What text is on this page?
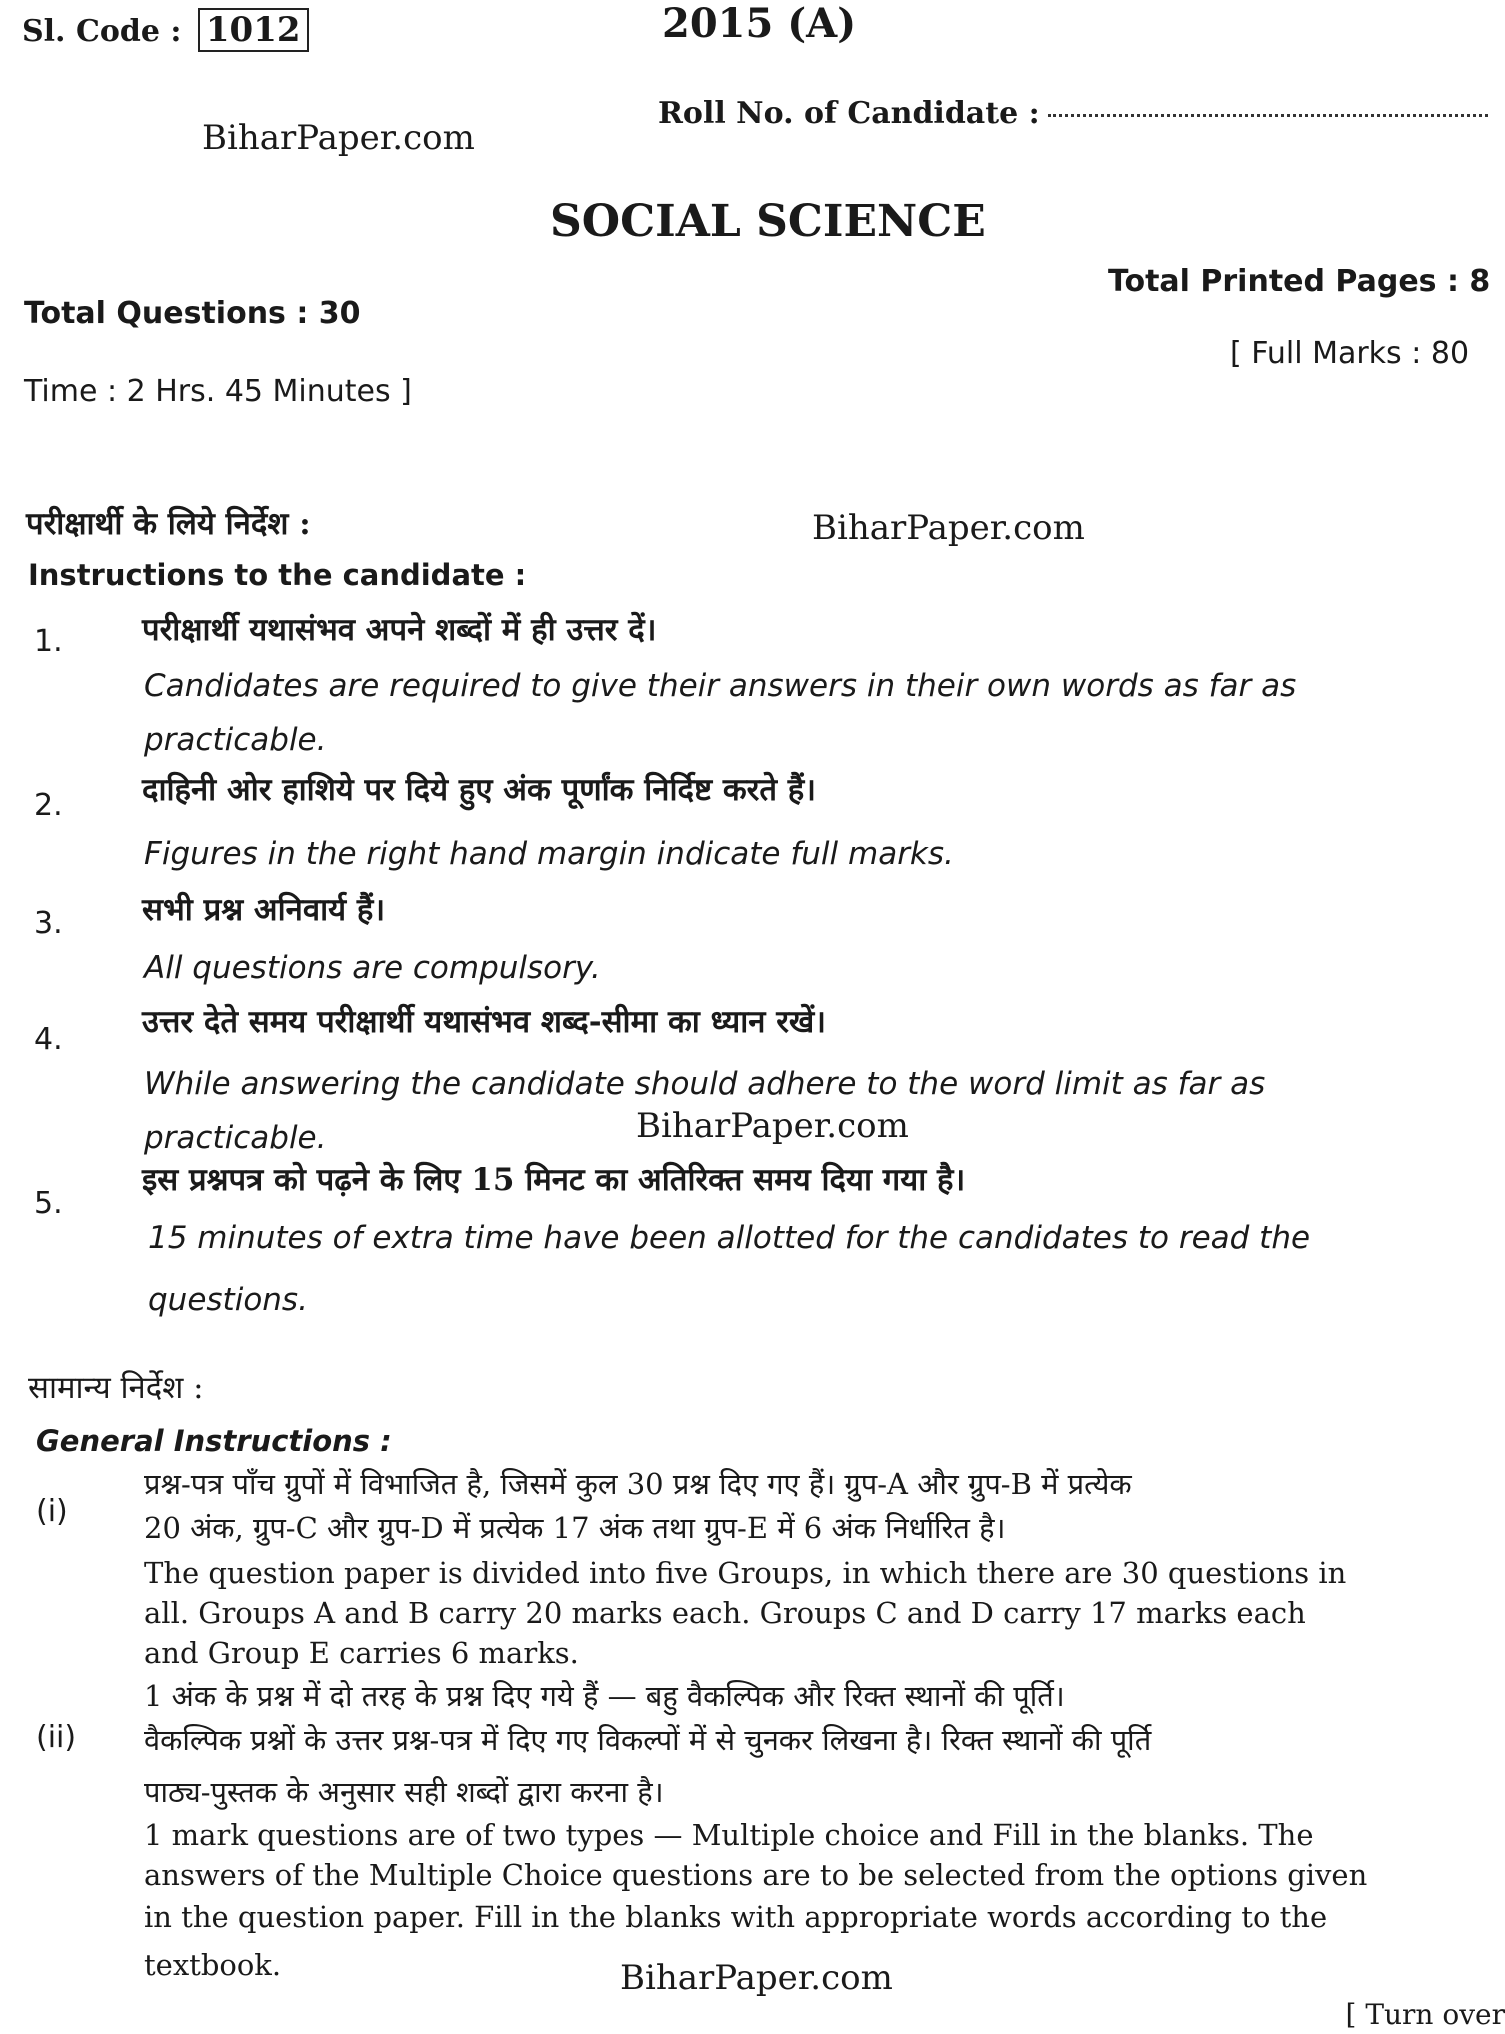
Sl. Code : 1012	2015 (A)
Roll No. of Candidate :
BiharPaper.com
SOCIAL SCIENCE
Total Questions : 30
Total Printed Pages : 8
Time : 2 Hrs. 45 Minutes ]
[ Full Marks : 80
परीक्षार्थी के लिये निर्देश :	BiharPaper.com
Instructions to the candidate :
1.	परीक्षार्थी यथासंभव अपने शब्दों में ही उत्तर दें।
Candidates are required to give their answers in their own words as far as
practicable.
2.	दाहिनी ओर हाशिये पर दिये हुए अंक पूर्णांक निर्दिष्ट करते हैं।
Figures in the right hand margin indicate full marks.
3.	सभी प्रश्न अनिवार्य हैं।
All questions are compulsory.
4.	उत्तर देते समय परीक्षार्थी यथासंभव शब्द-सीमा का ध्यान रखें।
While answering the candidate should adhere to the word limit as far as
practicable.	BiharPaper.com
5.
इस प्रश्नपत्र को पढ़ने के लिए 15 मिनट का अतिरिक्त समय दिया गया है।
15 minutes of extra time have been allotted for the candidates to read the
questions.
सामान्य निर्देश :
General Instructions :
(i)
प्रश्न-पत्र पाँच ग्रुपों में विभाजित है, जिसमें कुल 30 प्रश्न दिए गए हैं। ग्रुप-A और ग्रुप-B में प्रत्येक
20 अंक, ग्रुप-C और ग्रुप-D में प्रत्येक 17 अंक तथा ग्रुप-E में 6 अंक निर्धारित है।
The question paper is divided into five Groups, in which there are 30 questions in
all. Groups A and B carry 20 marks each. Groups C and D carry 17 marks each
and Group E carries 6 marks.
(ii)
1 अंक के प्रश्न में दो तरह के प्रश्न दिए गये हैं — बहु वैकल्पिक और रिक्त स्थानों की पूर्ति।
वैकल्पिक प्रश्नों के उत्तर प्रश्न-पत्र में दिए गए विकल्पों में से चुनकर लिखना है। रिक्त स्थानों की पूर्ति
पाठ्य-पुस्तक के अनुसार सही शब्दों द्वारा करना है।
1 mark questions are of two types — Multiple choice and Fill in the blanks. The
answers of the Multiple Choice questions are to be selected from the options given
in the question paper. Fill in the blanks with appropriate words according to the
textbook.	BiharPaper.com
[ Turn over
